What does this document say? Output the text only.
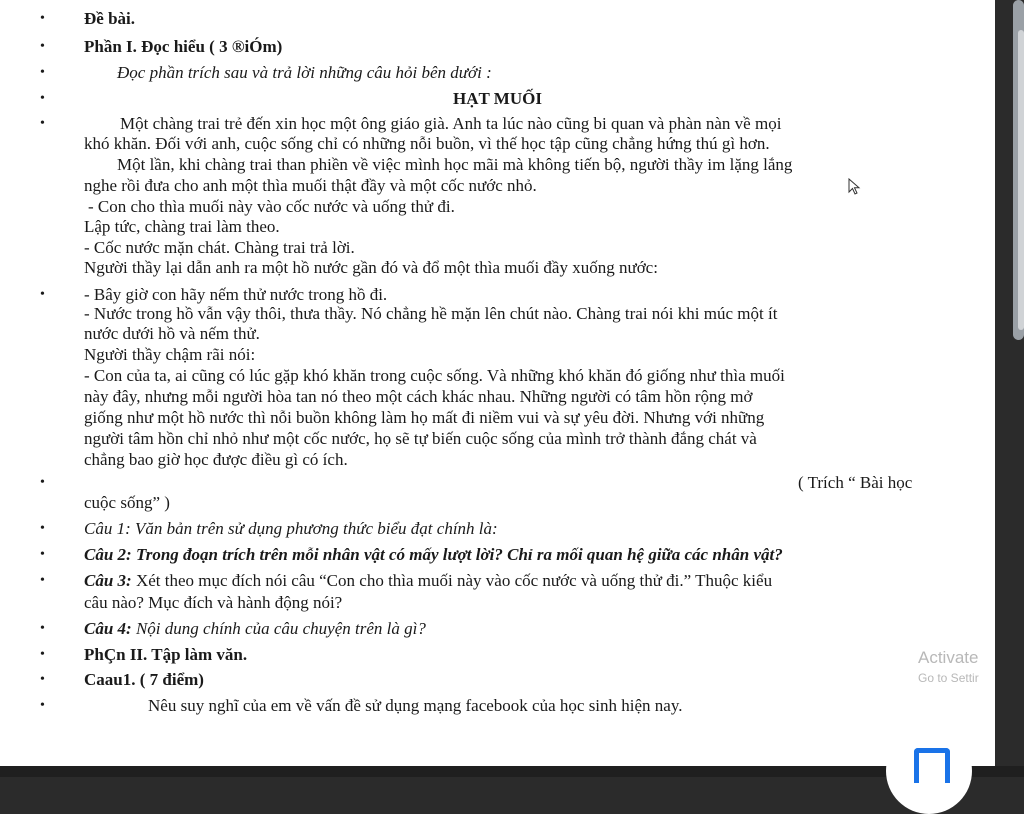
•
•
•
•
•
•
•
•
•
•
•
•
•
•
Đề bài.
Phần I. Đọc hiểu ( 3 ®iÓm)
Đọc phần trích sau và trả lời những câu hỏi bên dưới :
HẠT MUỐI
Một chàng trai trẻ đến xin học một ông giáo già. Anh ta lúc nào cũng bi quan và phàn nàn về mọi
khó khăn. Đối với anh, cuộc sống chỉ có những nỗi buồn, vì thế học tập cũng chẳng hứng thú gì hơn.
Một lần, khi chàng trai than phiền về việc mình học mãi mà không tiến bộ, người thầy im lặng lắng
nghe rồi đưa cho anh một thìa muối thật đầy và một cốc nước nhỏ.
- Con cho thìa muối này vào cốc nước và uống thử đi.
Lập tức, chàng trai làm theo.
- Cốc nước mặn chát. Chàng trai trả lời.
Người thầy lại dẫn anh ra một hồ nước gần đó và đổ một thìa muối đầy xuống nước:
- Bây giờ con hãy nếm thử nước trong hồ đi.
- Nước trong hồ vẫn vậy thôi, thưa thầy. Nó chẳng hề mặn lên chút nào. Chàng trai nói khi múc một ít
nước dưới hồ và nếm thử.
Người thầy chậm rãi nói:
- Con của ta, ai cũng có lúc gặp khó khăn trong cuộc sống. Và những khó khăn đó giống như thìa muối
này đây, nhưng mỗi người hòa tan nó theo một cách khác nhau. Những người có tâm hồn rộng mở
giống như một hồ nước thì nỗi buồn không làm họ mất đi niềm vui và sự yêu đời. Nhưng với những
người tâm hồn chỉ nhỏ như một cốc nước, họ sẽ tự biến cuộc sống của mình trở thành đắng chát và
chẳng bao giờ học được điều gì có ích.
( Trích “ Bài học
cuộc sống” )
Câu 1: Văn bản trên sử dụng phương thức biểu đạt chính là:
Câu 2: Trong đoạn trích trên mỗi nhân vật có mấy lượt lời? Chỉ ra mối quan hệ giữa các nhân vật?
Câu 3: Xét theo mục đích nói câu “Con cho thìa muối này vào cốc nước và uống thử đi.” Thuộc kiểu
câu nào? Mục đích và hành động nói?
Câu 4: Nội dung chính của câu chuyện trên là gì?
PhÇn II. Tập làm văn.
Caau1. ( 7 điểm)
Nêu suy nghĩ của em về vấn đề sử dụng mạng facebook của học sinh hiện nay.
Activate
Go to Settir
